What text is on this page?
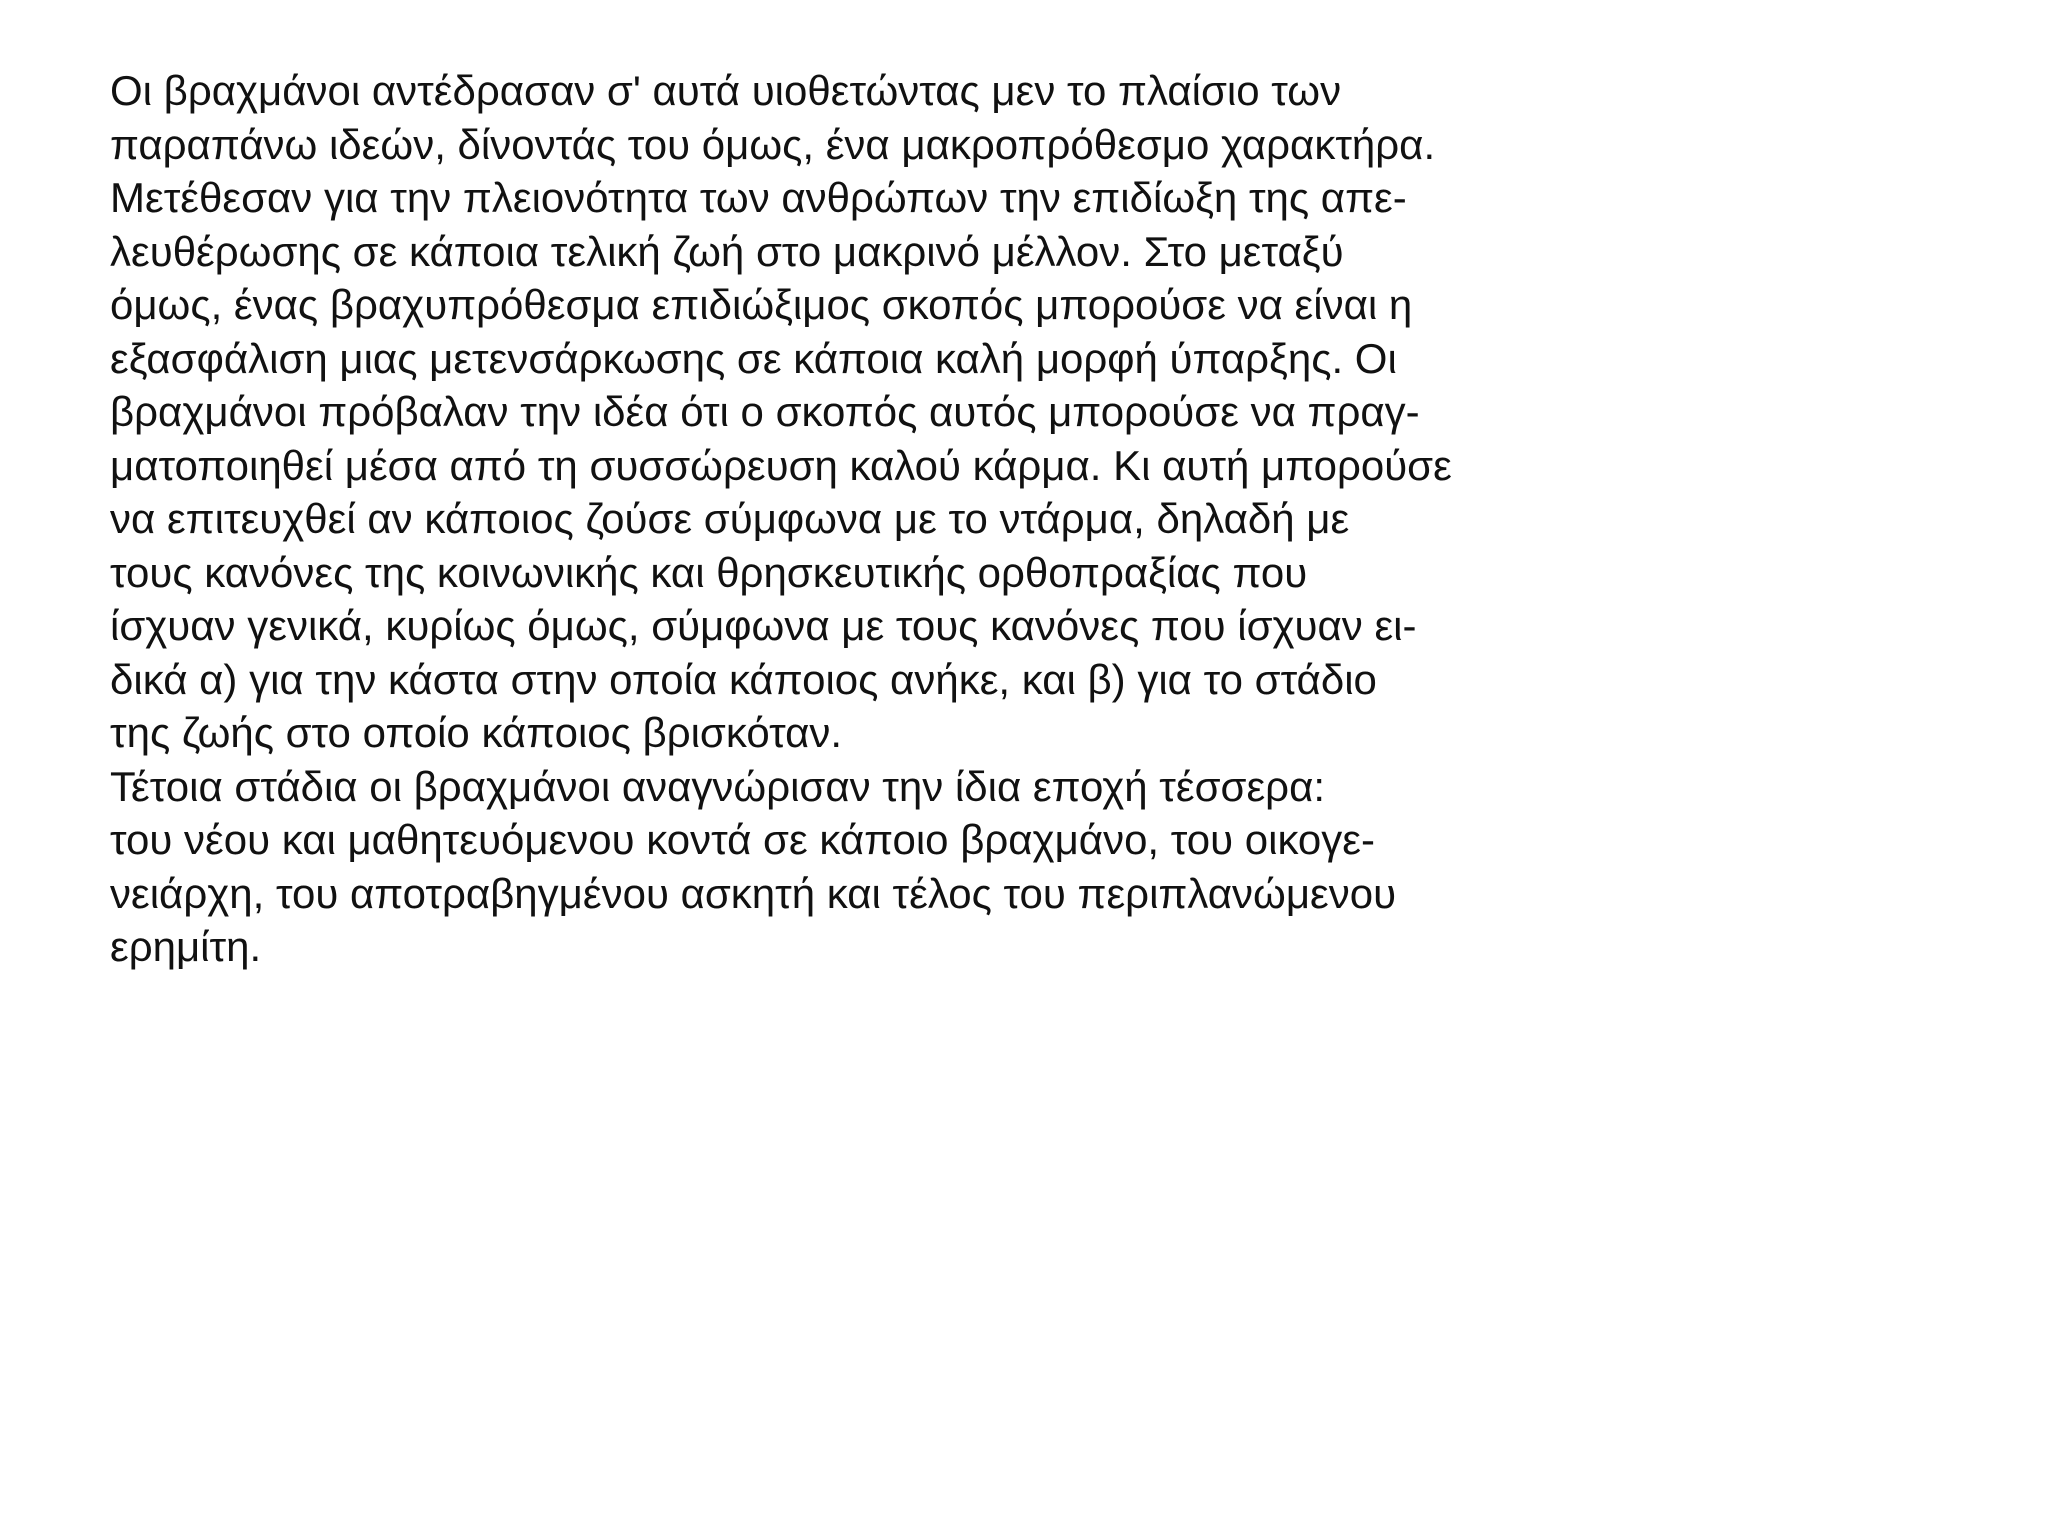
Οι βραχμάνοι αντέδρασαν σ' αυτά υιοθετώντας μεν το πλαίσιο των
παραπάνω ιδεών, δίνοντάς του όμως, ένα μακροπρόθεσμο χαρακτήρα.
Μετέθεσαν για την πλειονότητα των ανθρώπων την επιδίωξη της απε-
λευθέρωσης σε κάποια τελική ζωή στο μακρινό μέλλον. Στο μεταξύ
όμως, ένας βραχυπρόθεσμα επιδιώξιμος σκοπός μπορούσε να είναι η
εξασφάλιση μιας μετενσάρκωσης σε κάποια καλή μορφή ύπαρξης. Οι
βραχμάνοι πρόβαλαν την ιδέα ότι ο σκοπός αυτός μπορούσε να πραγ-
ματοποιηθεί μέσα από τη συσσώρευση καλού κάρμα. Κι αυτή μπορούσε
να επιτευχθεί αν κάποιος ζούσε σύμφωνα με το ντάρμα, δηλαδή με
τους κανόνες της κοινωνικής και θρησκευτικής ορθοπραξίας που
ίσχυαν γενικά, κυρίως όμως, σύμφωνα με τους κανόνες που ίσχυαν ει-
δικά α) για την κάστα στην οποία κάποιος ανήκε, και β) για το στάδιο
της ζωής στο οποίο κάποιος βρισκόταν.
Τέτοια στάδια οι βραχμάνοι αναγνώρισαν την ίδια εποχή τέσσερα:
του νέου και μαθητευόμενου κοντά σε κάποιο βραχμάνο, του οικογε-
νειάρχη, του αποτραβηγμένου ασκητή και τέλος του περιπλανώμενου
ερημίτη.
